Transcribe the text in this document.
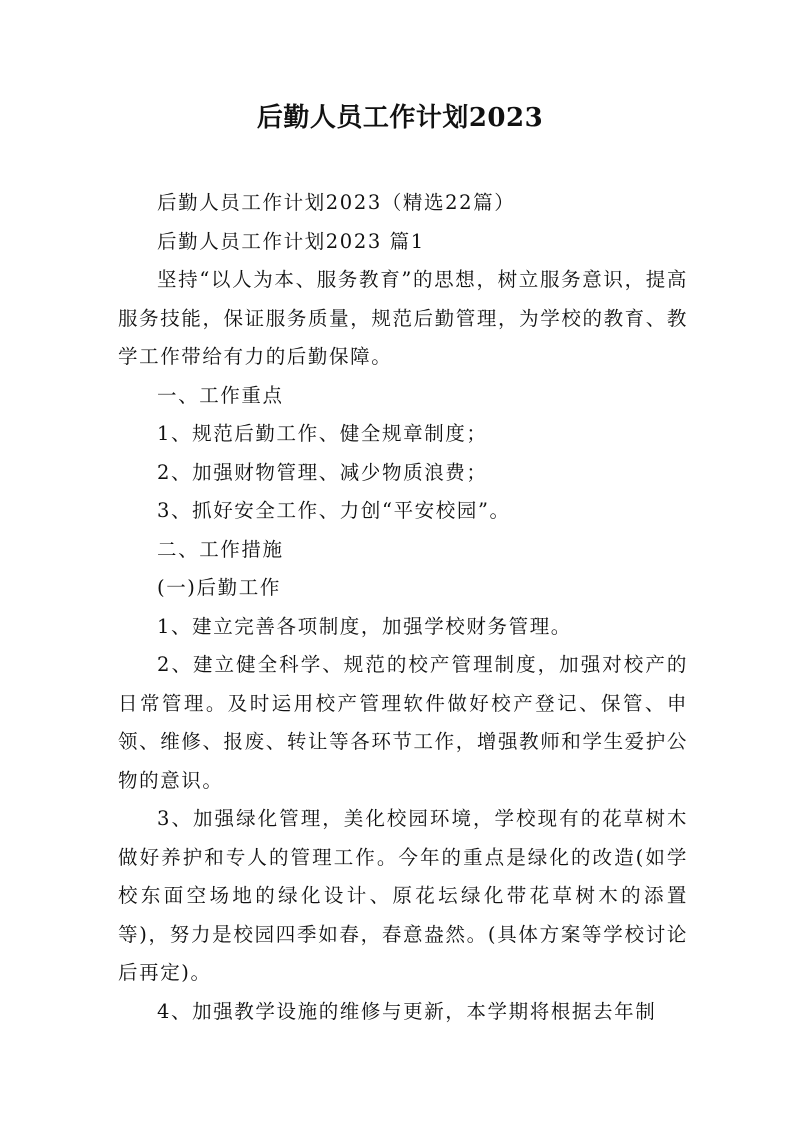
后勤人员工作计划2023

后勤人员工作计划2023（精选22篇）

后勤人员工作计划2023 篇1

坚持“以人为本、服务教育”的思想，树立服务意识，提高服务技能，保证服务质量，规范后勤管理，为学校的教育、教学工作带给有力的后勤保障。

一、工作重点

1、规范后勤工作、健全规章制度；

2、加强财物管理、减少物质浪费；

3、抓好安全工作、力创“平安校园”。

二、工作措施

(一)后勤工作

1、建立完善各项制度，加强学校财务管理。

2、建立健全科学、规范的校产管理制度，加强对校产的日常管理。及时运用校产管理软件做好校产登记、保管、申领、维修、报废、转让等各环节工作，增强教师和学生爱护公物的意识。

3、加强绿化管理，美化校园环境，学校现有的花草树木做好养护和专人的管理工作。今年的重点是绿化的改造(如学校东面空场地的绿化设计、原花坛绿化带花草树木的添置等)，努力是校园四季如春，春意盎然。(具体方案等学校讨论后再定)。

4、加强教学设施的维修与更新，本学期将根据去年制
